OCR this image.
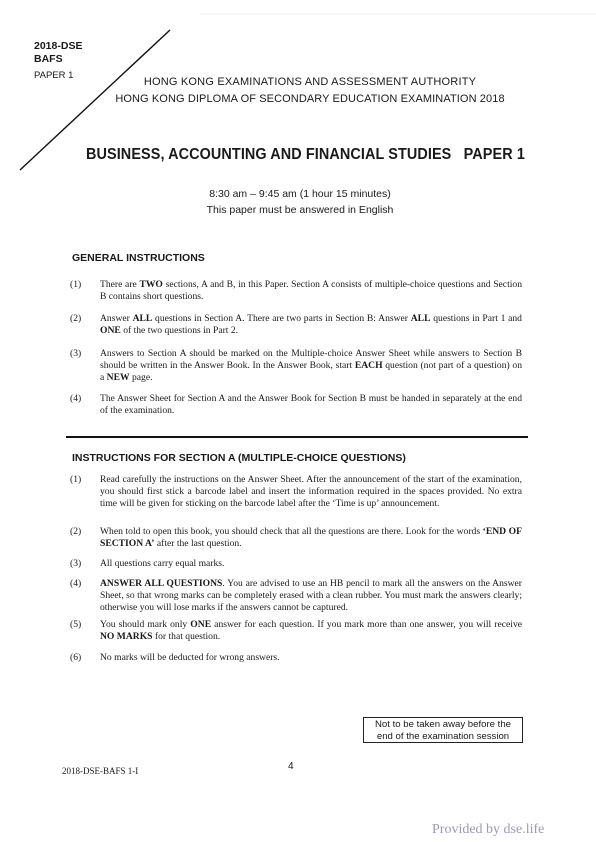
2018-DSE
BAFS
PAPER 1
HONG KONG EXAMINATIONS AND ASSESSMENT AUTHORITY
HONG KONG DIPLOMA OF SECONDARY EDUCATION EXAMINATION 2018
BUSINESS, ACCOUNTING AND FINANCIAL STUDIES   PAPER 1
8:30 am – 9:45 am (1 hour 15 minutes)
This paper must be answered in English
GENERAL INSTRUCTIONS
(1) There are TWO sections, A and B, in this Paper. Section A consists of multiple-choice questions and Section B contains short questions.
(2) Answer ALL questions in Section A. There are two parts in Section B: Answer ALL questions in Part 1 and ONE of the two questions in Part 2.
(3) Answers to Section A should be marked on the Multiple-choice Answer Sheet while answers to Section B should be written in the Answer Book. In the Answer Book, start EACH question (not part of a question) on a NEW page.
(4) The Answer Sheet for Section A and the Answer Book for Section B must be handed in separately at the end of the examination.
INSTRUCTIONS FOR SECTION A (MULTIPLE-CHOICE QUESTIONS)
(1) Read carefully the instructions on the Answer Sheet. After the announcement of the start of the examination, you should first stick a barcode label and insert the information required in the spaces provided. No extra time will be given for sticking on the barcode label after the ‘Time is up’ announcement.
(2) When told to open this book, you should check that all the questions are there. Look for the words ‘END OF SECTION A’ after the last question.
(3) All questions carry equal marks.
(4) ANSWER ALL QUESTIONS. You are advised to use an HB pencil to mark all the answers on the Answer Sheet, so that wrong marks can be completely erased with a clean rubber. You must mark the answers clearly; otherwise you will lose marks if the answers cannot be captured.
(5) You should mark only ONE answer for each question. If you mark more than one answer, you will receive NO MARKS for that question.
(6) No marks will be deducted for wrong answers.
Not to be taken away before the
end of the examination session
2018-DSE-BAFS 1-I	4
Provided by dse.life
